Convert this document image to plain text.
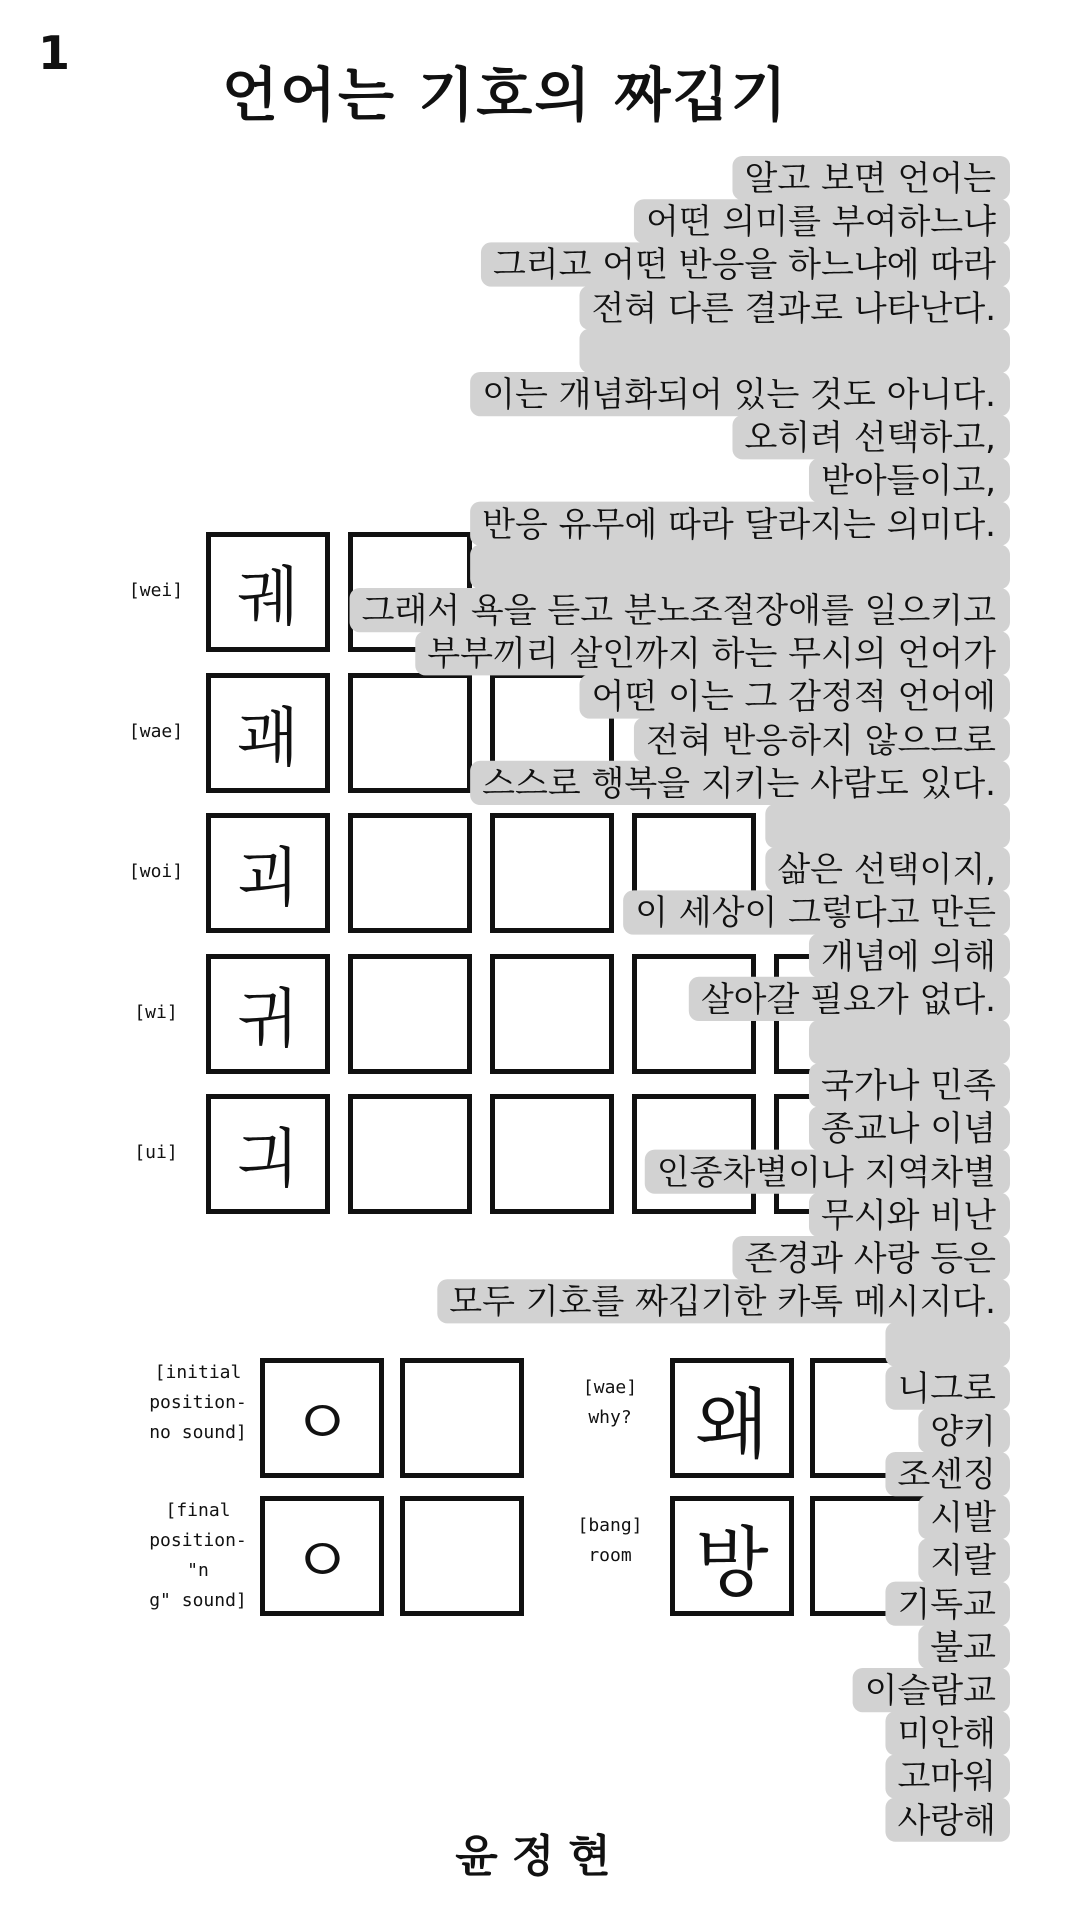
1
언어는 기호의 짜깁기
[wei] 궤
[wae] 괘
[woi] 괴
[wi] 귀
[ui] 긔
[initial
position-
no sound] ㅇ
[final
position-"n
g" sound]
ㅇ
[wae]
why? 왜
[bang]
room 방
알고 보면 언어는
어떤 의미를 부여하느냐
그리고 어떤 반응을 하느냐에 따라
전혀 다른 결과로 나타난다.
이는 개념화되어 있는 것도 아니다.
오히려 선택하고,
받아들이고,
반응 유무에 따라 달라지는 의미다.
그래서 욕을 듣고 분노조절장애를 일으키고
부부끼리 살인까지 하는 무시의 언어가
어떤 이는 그 감정적 언어에
전혀 반응하지 않으므로
스스로 행복을 지키는 사람도 있다.
삶은 선택이지,
이 세상이 그렇다고 만든
개념에 의해
살아갈 필요가 없다.
국가나 민족
종교나 이념
인종차별이나 지역차별
무시와 비난
존경과 사랑 등은
모두 기호를 짜깁기한 카톡 메시지다.
니그로
양키
조센징
시발
지랄
기독교
불교
이슬람교
미안해
고마워
사랑해
윤정현
